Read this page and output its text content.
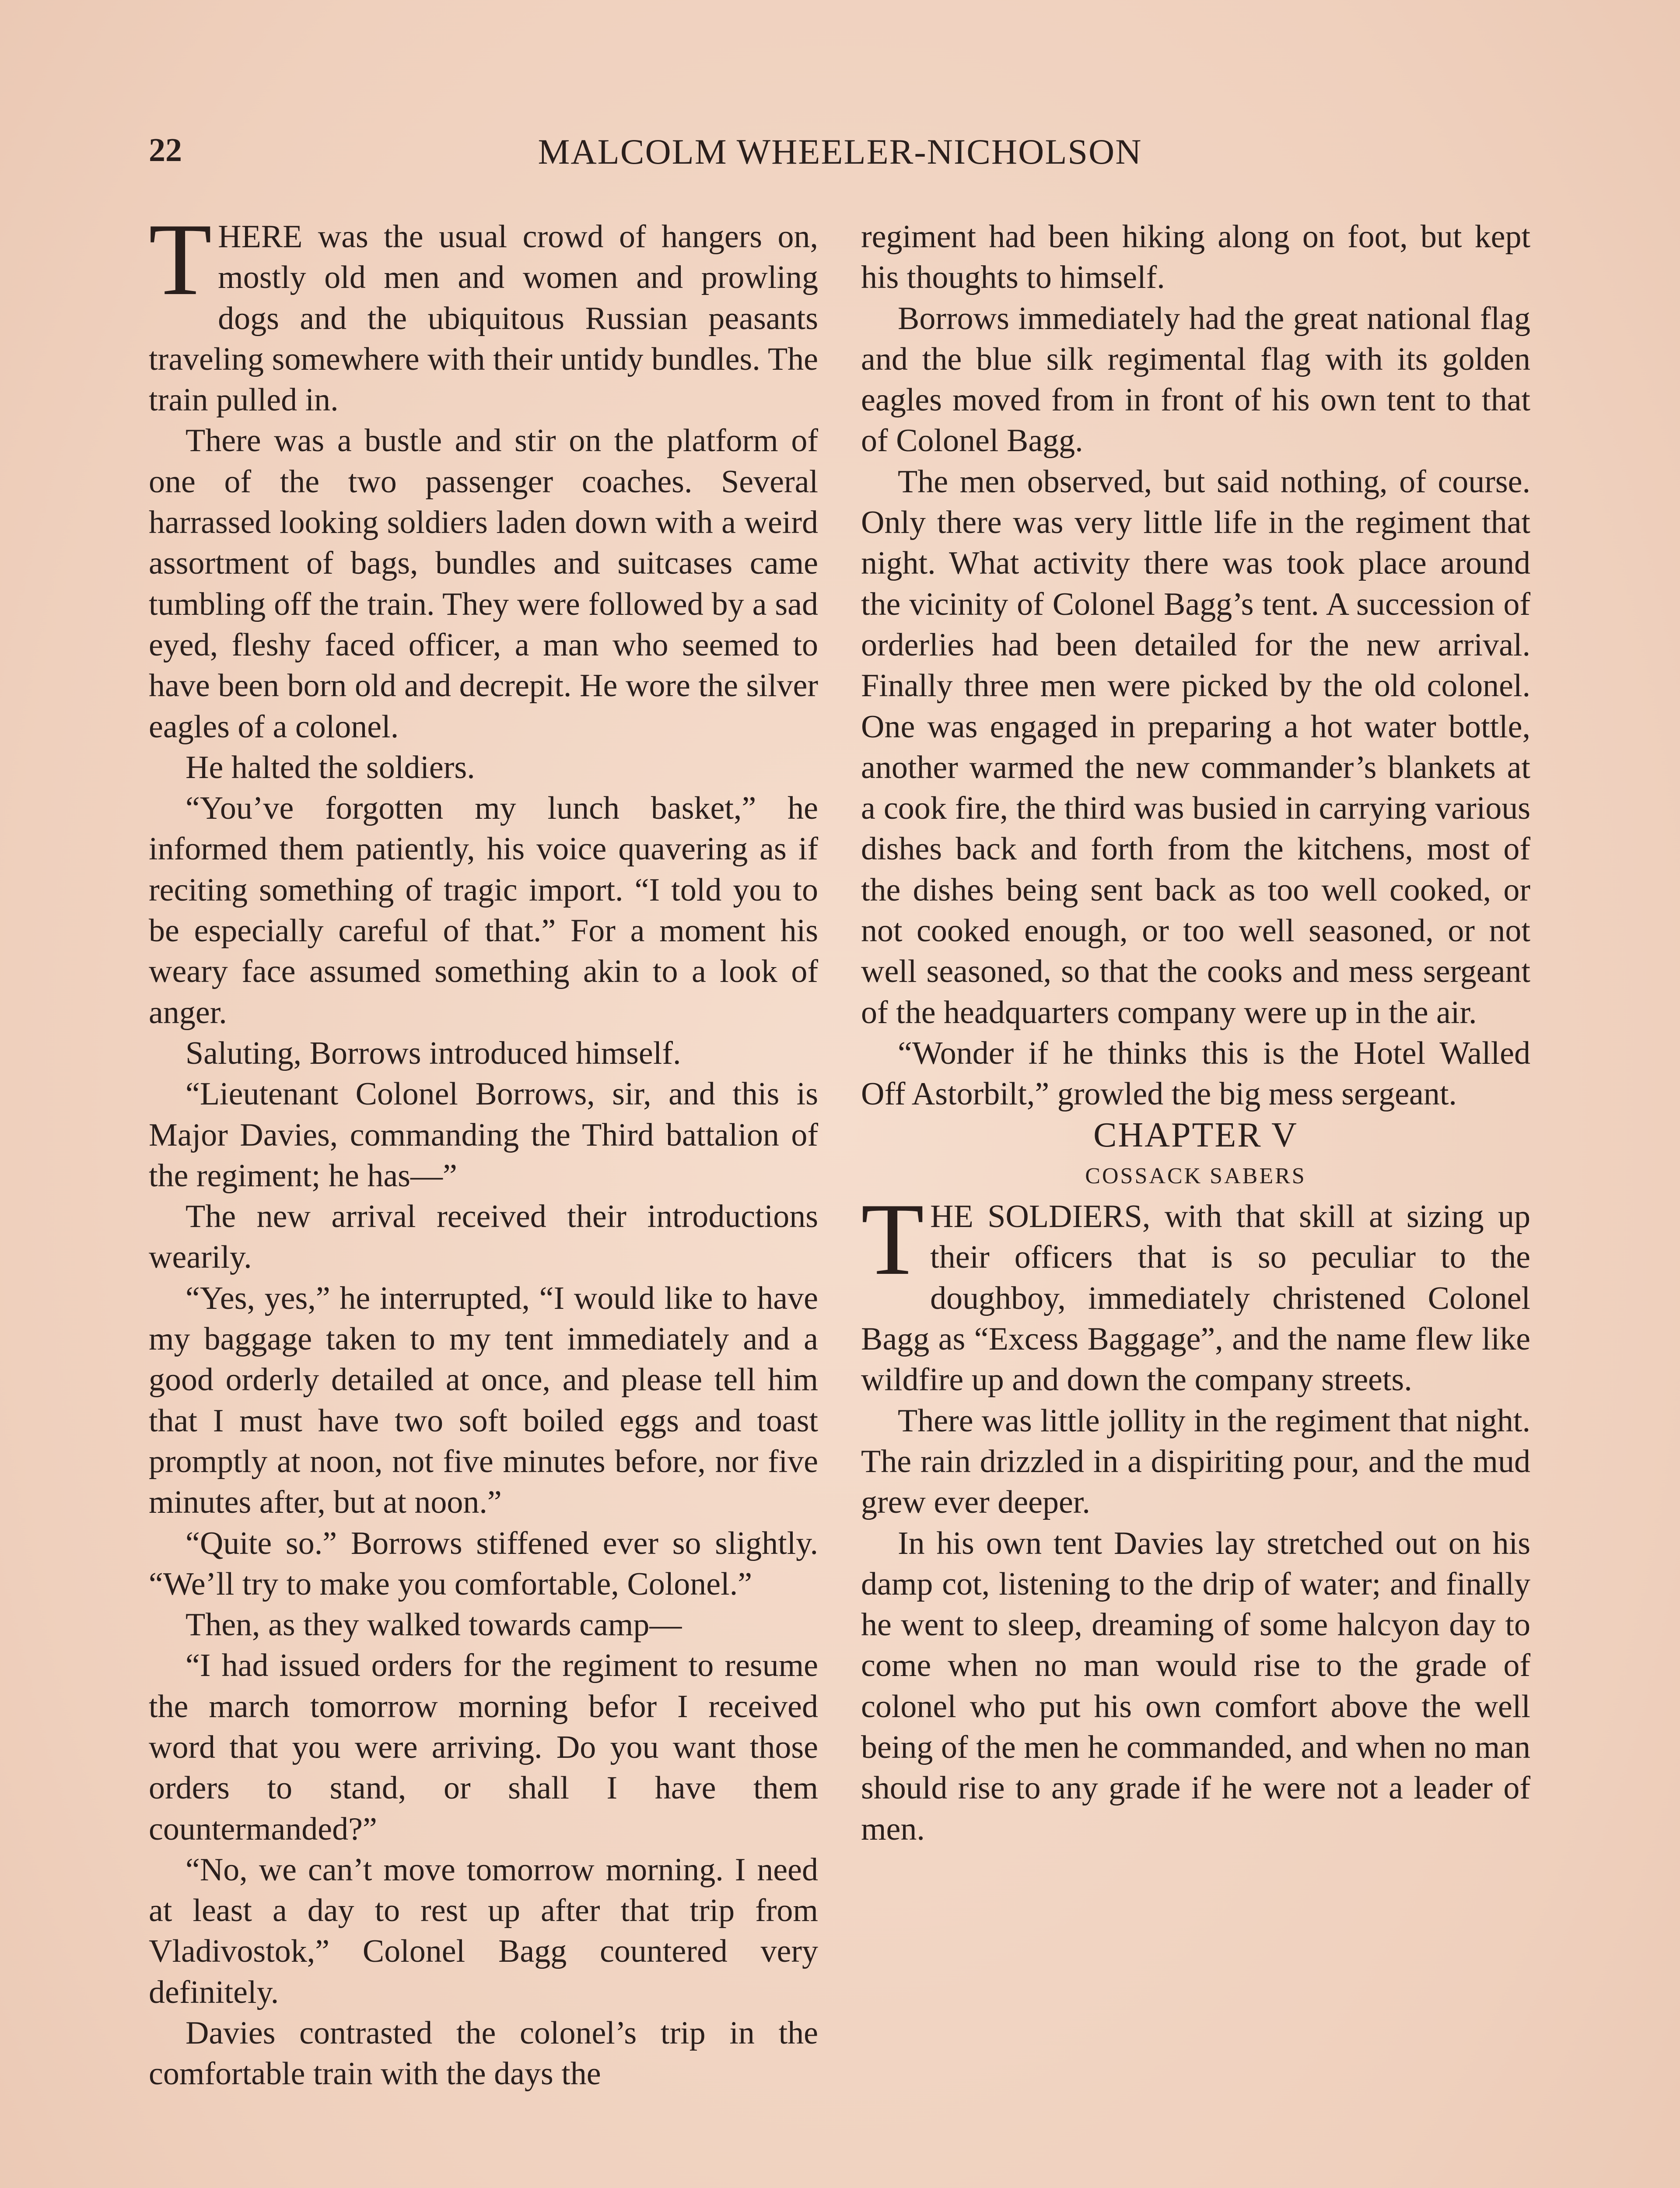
22	MALCOLM WHEELER-NICHOLSON

THERE was the usual crowd of hangers on, mostly old men and women and prowling dogs and the ubiquitous Russian peasants traveling somewhere with their untidy bundles. The train pulled in.

There was a bustle and stir on the platform of one of the two passenger coaches. Several harrassed looking soldiers laden down with a weird assortment of bags, bundles and suitcases came tumbling off the train. They were followed by a sad eyed, fleshy faced officer, a man who seemed to have been born old and decrepit. He wore the silver eagles of a colonel.

He halted the soldiers.

“You’ve forgotten my lunch basket,” he informed them patiently, his voice quavering as if reciting something of tragic import. “I told you to be especially careful of that.” For a moment his weary face assumed something akin to a look of anger.

Saluting, Borrows introduced himself.

“Lieutenant Colonel Borrows, sir, and this is Major Davies, commanding the Third battalion of the regiment; he has—”

The new arrival received their introductions wearily.

“Yes, yes,” he interrupted, “I would like to have my baggage taken to my tent immediately and a good orderly detailed at once, and please tell him that I must have two soft boiled eggs and toast promptly at noon, not five minutes before, nor five minutes after, but at noon.”

“Quite so.” Borrows stiffened ever so slightly. “We’ll try to make you comfortable, Colonel.”

Then, as they walked towards camp—

“I had issued orders for the regiment to resume the march tomorrow morning befor I received word that you were arriving. Do you want those orders to stand, or shall I have them countermanded?”

“No, we can’t move tomorrow morning. I need at least a day to rest up after that trip from Vladivostok,” Colonel Bagg countered very definitely.

Davies contrasted the colonel’s trip in the comfortable train with the days the

regiment had been hiking along on foot, but kept his thoughts to himself.

Borrows immediately had the great national flag and the blue silk regimental flag with its golden eagles moved from in front of his own tent to that of Colonel Bagg.

The men observed, but said nothing, of course. Only there was very little life in the regiment that night. What activity there was took place around the vicinity of Colonel Bagg’s tent. A succession of orderlies had been detailed for the new arrival. Finally three men were picked by the old colonel. One was engaged in preparing a hot water bottle, another warmed the new commander’s blankets at a cook fire, the third was busied in carrying various dishes back and forth from the kitchens, most of the dishes being sent back as too well cooked, or not cooked enough, or too well seasoned, or not well seasoned, so that the cooks and mess sergeant of the headquarters company were up in the air.

“Wonder if he thinks this is the Hotel Walled Off Astorbilt,” growled the big mess sergeant.

CHAPTER V

COSSACK SABERS

THE SOLDIERS, with that skill at sizing up their officers that is so peculiar to the doughboy, immediately christened Colonel Bagg as “Excess Baggage”, and the name flew like wildfire up and down the company streets.

There was little jollity in the regiment that night. The rain drizzled in a dispiriting pour, and the mud grew ever deeper.

In his own tent Davies lay stretched out on his damp cot, listening to the drip of water; and finally he went to sleep, dreaming of some halcyon day to come when no man would rise to the grade of colonel who put his own comfort above the well being of the men he commanded, and when no man should rise to any grade if he were not a leader of men.
